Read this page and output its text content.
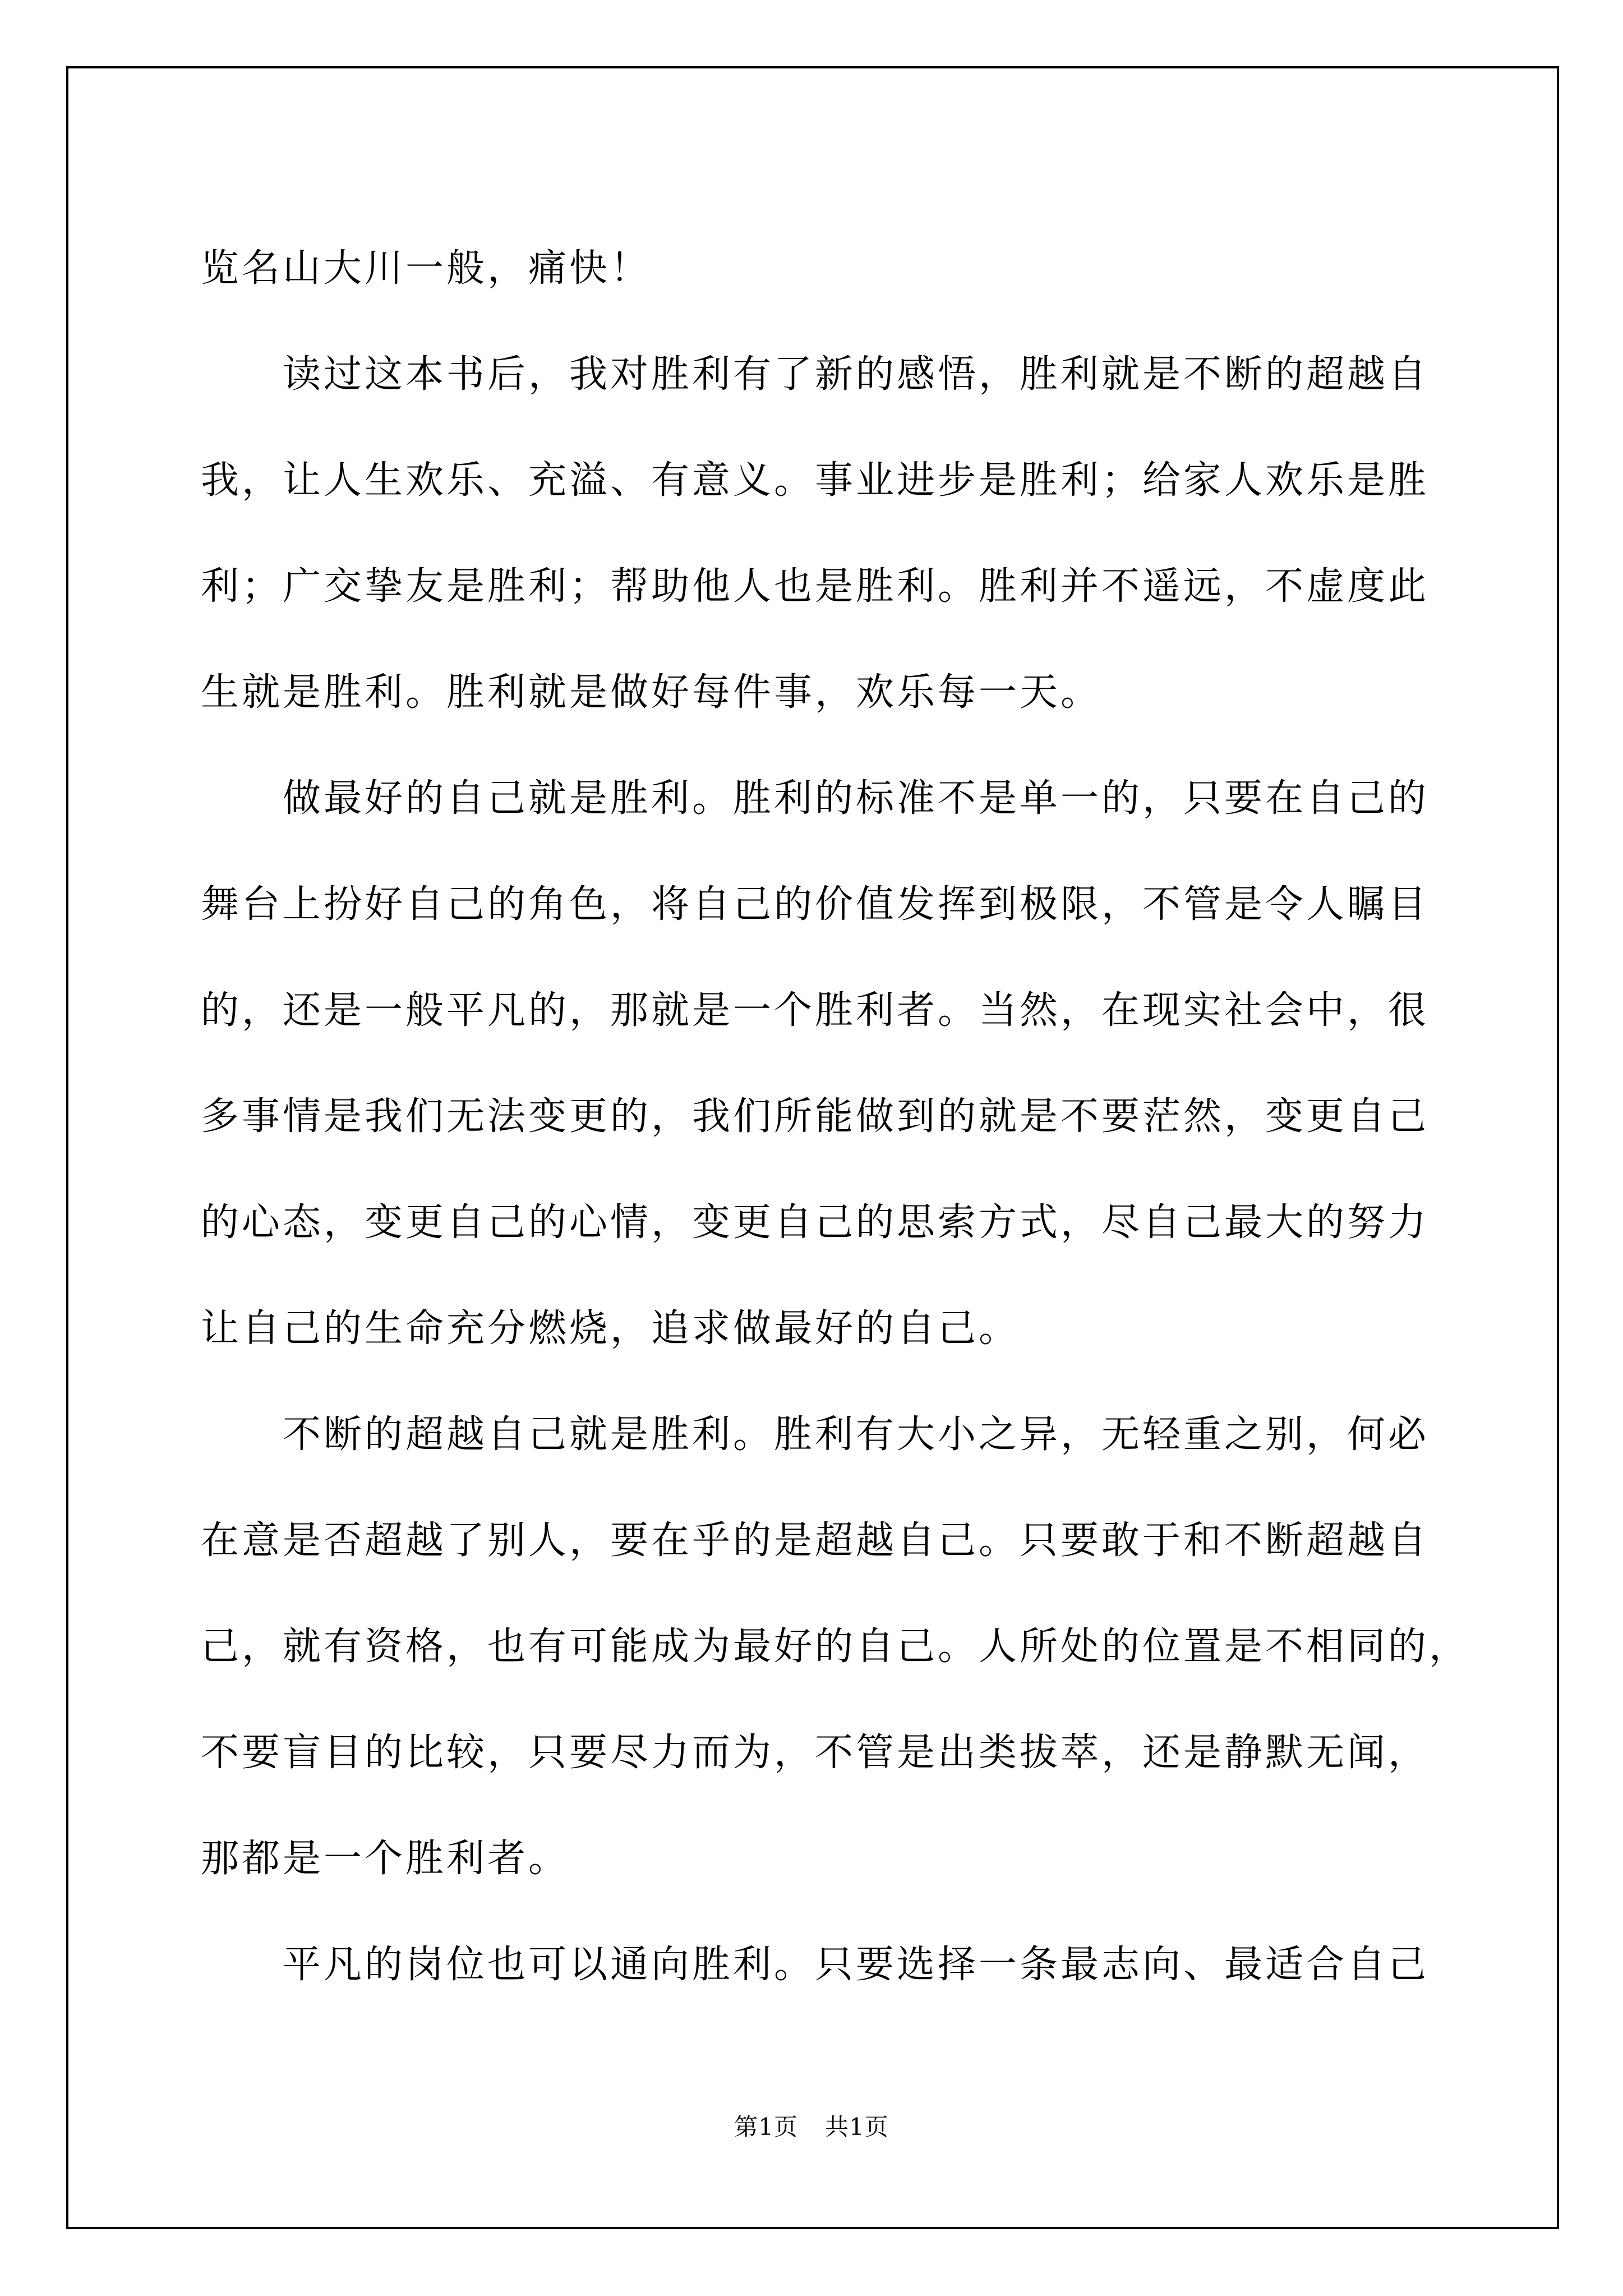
览名山大川一般，痛快！
读过这本书后，我对胜利有了新的感悟，胜利就是不断的超越自
我，让人生欢乐、充溢、有意义。事业进步是胜利；给家人欢乐是胜
利；广交挚友是胜利；帮助他人也是胜利。胜利并不遥远，不虚度此
生就是胜利。胜利就是做好每件事，欢乐每一天。
做最好的自己就是胜利。胜利的标准不是单一的，只要在自己的
舞台上扮好自己的角色，将自己的价值发挥到极限，不管是令人瞩目
的，还是一般平凡的，那就是一个胜利者。当然，在现实社会中，很
多事情是我们无法变更的，我们所能做到的就是不要茫然，变更自己
的心态，变更自己的心情，变更自己的思索方式，尽自己最大的努力
让自己的生命充分燃烧，追求做最好的自己。
不断的超越自己就是胜利。胜利有大小之异，无轻重之别，何必
在意是否超越了别人，要在乎的是超越自己。只要敢于和不断超越自
己，就有资格，也有可能成为最好的自己。人所处的位置是不相同的，
不要盲目的比较，只要尽力而为，不管是出类拔萃，还是静默无闻，
那都是一个胜利者。
平凡的岗位也可以通向胜利。只要选择一条最志向、最适合自己
第1页 共1页
